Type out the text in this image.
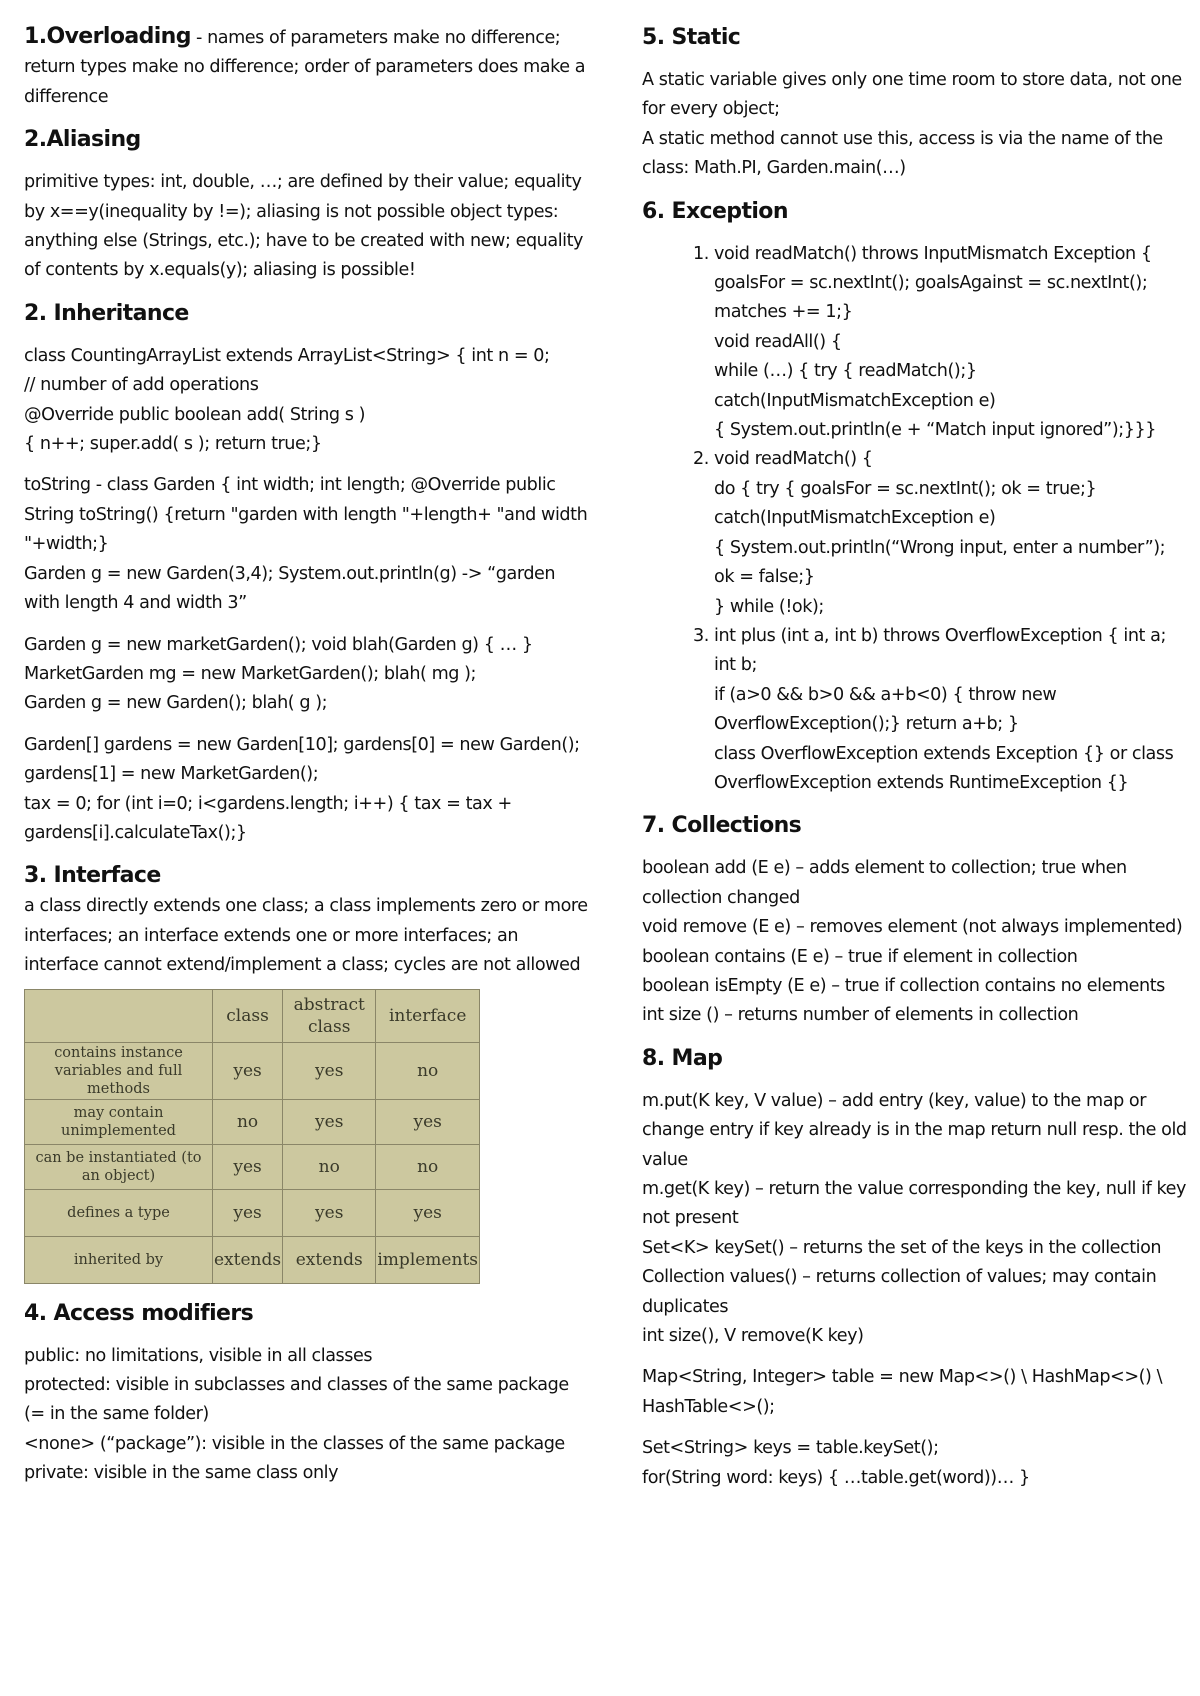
1.Overloading - names of parameters make no difference; return types make no difference; order of parameters does make a difference

2.Aliasing

primitive types: int, double, …; are defined by their value; equality by x==y(inequality by !=); aliasing is not possible object types: anything else (Strings, etc.); have to be created with new; equality of contents by x.equals(y); aliasing is possible!

2. Inheritance

class CountingArrayList extends ArrayList<String> { int n = 0;
// number of add operations
@Override public boolean add( String s )
{ n++; super.add( s ); return true;}

toString - class Garden { int width; int length; @Override public String toString() {return "garden with length "+length+ "and width "+width;}
Garden g = new Garden(3,4); System.out.println(g) -> “garden with length 4 and width 3”

Garden g = new marketGarden(); void blah(Garden g) { … }
MarketGarden mg = new MarketGarden(); blah( mg );
Garden g = new Garden(); blah( g );

Garden[] gardens = new Garden[10]; gardens[0] = new Garden(); gardens[1] = new MarketGarden();
tax = 0; for (int i=0; i<gardens.length; i++) { tax = tax + gardens[i].calculateTax();}

3. Interface

a class directly extends one class; a class implements zero or more interfaces; an interface extends one or more interfaces; an interface cannot extend/implement a class; cycles are not allowed

	class	abstract class	interface
contains instance variables and full methods	yes	yes	no
may contain unimplemented	no	yes	yes
can be instantiated (to an object)	yes	no	no
defines a type	yes	yes	yes
inherited by	extends	extends	implements
4. Access modifiers

public: no limitations, visible in all classes
protected: visible in subclasses and classes of the same package (= in the same folder)
<none> (“package”): visible in the classes of the same package
private: visible in the same class only

5. Static

A static variable gives only one time room to store data, not one for every object;
A static method cannot use this, access is via the name of the class: Math.PI, Garden.main(…)

6. Exception
1. void readMatch() throws InputMismatch Exception { goalsFor = sc.nextInt(); goalsAgainst = sc.nextInt(); matches += 1;}
void readAll() {
while (…) { try { readMatch();}
catch(InputMismatchException e)
{ System.out.println(e + “Match input ignored”);}}}
2. void readMatch() {
do { try { goalsFor = sc.nextInt(); ok = true;}
catch(InputMismatchException e)
{ System.out.println(“Wrong input, enter a number”); ok = false;}
} while (!ok);
3. int plus (int a, int b) throws OverflowException { int a; int b;
if (a>0 && b>0 && a+b<0) { throw new OverflowException();} return a+b; }
class OverflowException extends Exception {} or class OverflowException extends RuntimeException {}
7. Collections

boolean add (E e) – adds element to collection; true when collection changed
void remove (E e) – removes element (not always implemented)
boolean contains (E e) – true if element in collection
boolean isEmpty (E e) – true if collection contains no elements
int size () – returns number of elements in collection

8. Map

m.put(K key, V value) – add entry (key, value) to the map or change entry if key already is in the map return null resp. the old value
m.get(K key) – return the value corresponding the key, null if key not present
Set<K> keySet() – returns the set of the keys in the collection
Collection values() – returns collection of values; may contain duplicates
int size(), V remove(K key)

Map<String, Integer> table = new Map<>() \ HashMap<>() \ HashTable<>();

Set<String> keys = table.keySet();
for(String word: keys) { …table.get(word))… }
